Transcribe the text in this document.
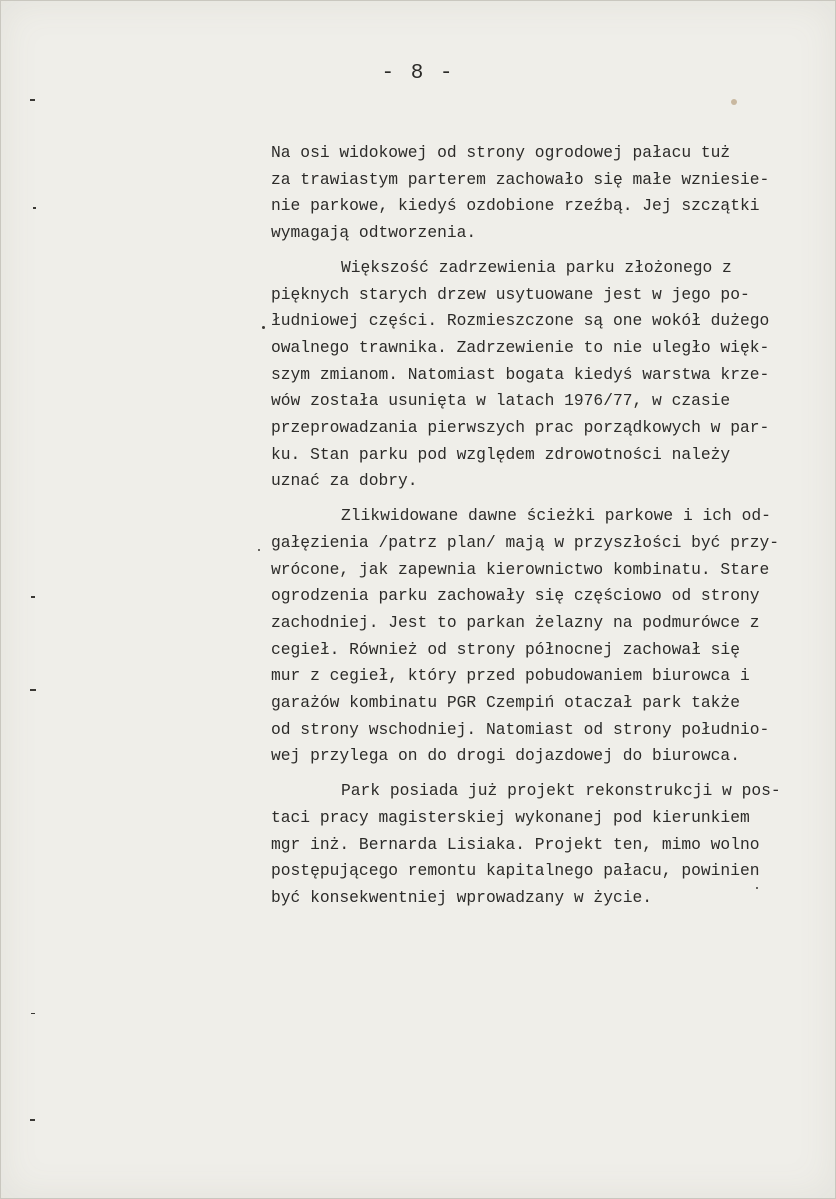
- 8 -
Na osi widokowej od strony ogrodowej pałacu tuż
za trawiastym parterem zachowało się małe wzniesie-
nie parkowe, kiedyś ozdobione rzeźbą. Jej szczątki
wymagają odtworzenia.
Większość zadrzewienia parku złożonego z
pięknych starych drzew usytuowane jest w jego po-
łudniowej części. Rozmieszczone są one wokół dużego
owalnego trawnika. Zadrzewienie to nie uległo więk-
szym zmianom. Natomiast bogata kiedyś warstwa krze-
wów została usunięta w latach 1976/77, w czasie
przeprowadzania pierwszych prac porządkowych w par-
ku. Stan parku pod względem zdrowotności należy
uznać za dobry.
Zlikwidowane dawne ścieżki parkowe i ich od-
gałęzienia /patrz plan/ mają w przyszłości być przy-
wrócone, jak zapewnia kierownictwo kombinatu. Stare
ogrodzenia parku zachowały się częściowo od strony
zachodniej. Jest to parkan żelazny na podmurówce z
cegieł. Również od strony północnej zachował się
mur z cegieł, który przed pobudowaniem biurowca i
garażów kombinatu PGR Czempiń otaczał park także
od strony wschodniej. Natomiast od strony południo-
wej przylega on do drogi dojazdowej do biurowca.
Park posiada już projekt rekonstrukcji w pos-
taci pracy magisterskiej wykonanej pod kierunkiem
mgr inż. Bernarda Lisiaka. Projekt ten, mimo wolno
postępującego remontu kapitalnego pałacu, powinien
być konsekwentniej wprowadzany w życie.
